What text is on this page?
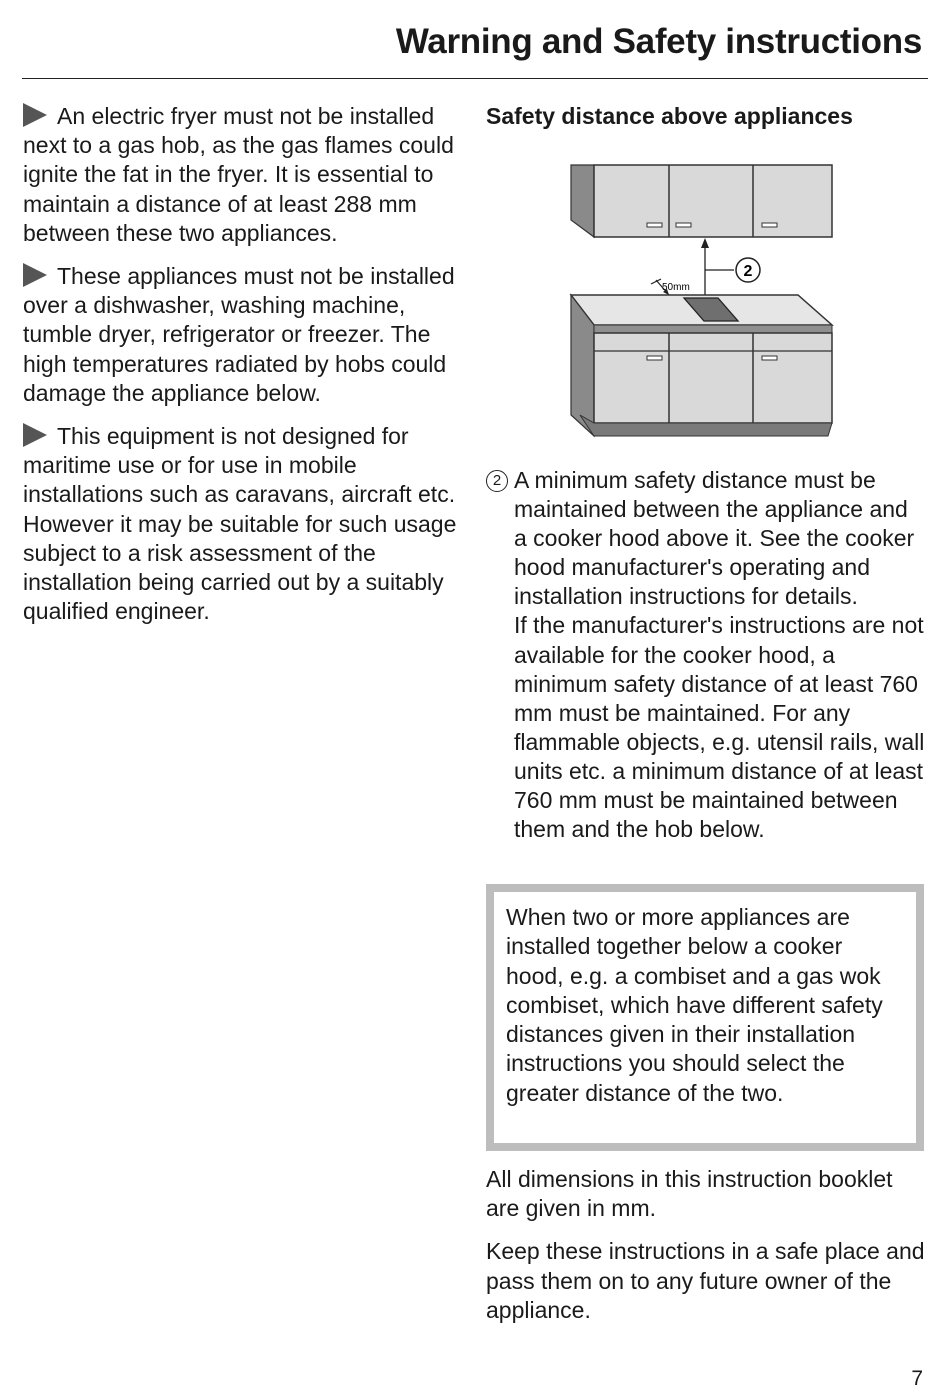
Warning and Safety instructions

An electric fryer must not be installed next to a gas hob, as the gas flames could ignite the fat in the fryer. It is essential to maintain a distance of at least 288 mm between these two appliances.

These appliances must not be installed over a dishwasher, washing machine, tumble dryer, refrigerator or freezer. The high temperatures radiated by hobs could damage the appliance below.

This equipment is not designed for maritime use or for use in mobile installations such as caravans, aircraft etc. However it may be suitable for such usage subject to a risk assessment of the installation being carried out by a suitably qualified engineer.

Safety distance above appliances
2
50mm
2 A minimum safety distance must be maintained between the appliance and a cooker hood above it. See the cooker hood manufacturer's operating and installation instructions for details.

If the manufacturer's instructions are not available for the cooker hood, a minimum safety distance of at least 760 mm must be maintained. For any flammable objects, e.g. utensil rails, wall units etc. a minimum distance of at least 760 mm must be maintained between them and the hob below.

When two or more appliances are installed together below a cooker hood, e.g. a combiset and a gas wok combiset, which have different safety distances given in their installation instructions you should select the greater distance of the two.

All dimensions in this instruction booklet are given in mm.

Keep these instructions in a safe place and pass them on to any future owner of the appliance.

7
